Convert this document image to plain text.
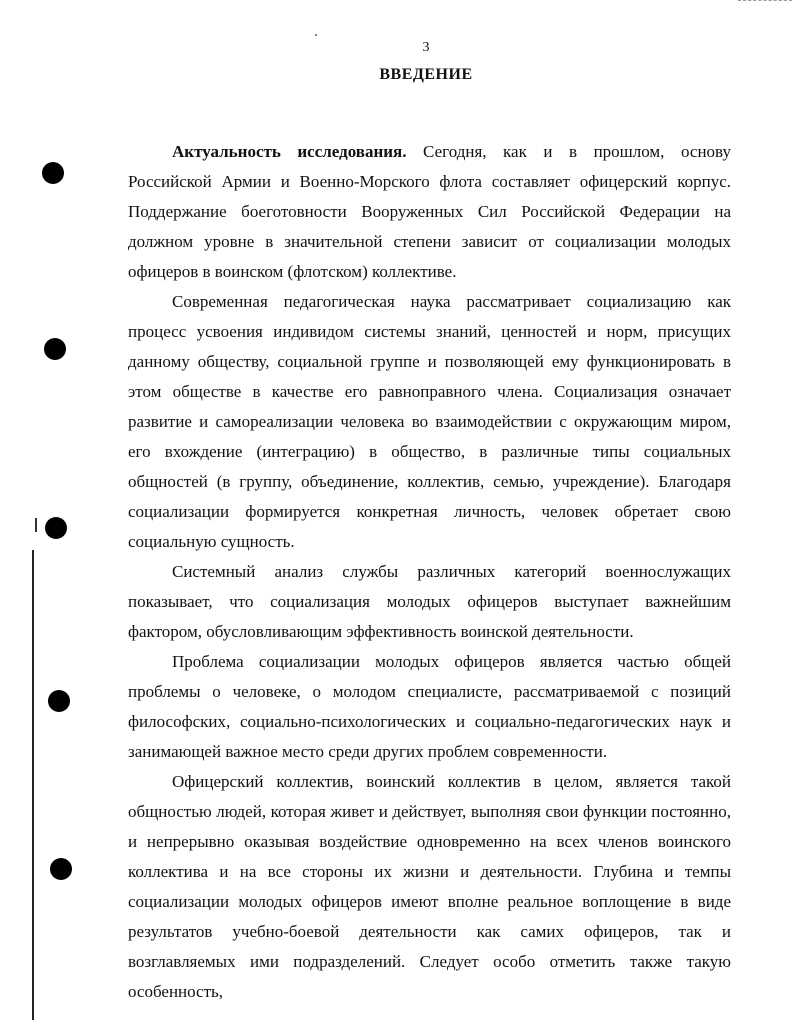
3
ВВЕДЕНИЕ

Актуальность исследования. Сегодня, как и в прошлом, основу Российской Армии и Военно-Морского флота составляет офицерский корпус. Поддержание боеготовности Вооруженных Сил Российской Федерации на должном уровне в значительной степени зависит от социализации молодых офицеров в воинском (флотском) коллективе.

Современная педагогическая наука рассматривает социализацию как процесс усвоения индивидом системы знаний, ценностей и норм, присущих данному обществу, социальной группе и позволяющей ему функционировать в этом обществе в качестве его равноправного члена. Социализация означает развитие и самореализации человека во взаимодействии с окружающим миром, его вхождение (интеграцию) в общество, в различные типы социальных общностей (в группу, объединение, коллектив, семью, учреждение). Благодаря социализации формируется конкретная личность, человек обретает свою социальную сущность.

Системный анализ службы различных категорий военнослужащих показывает, что социализация молодых офицеров выступает важнейшим фактором, обусловливающим эффективность воинской деятельности.

Проблема социализации молодых офицеров является частью общей проблемы о человеке, о молодом специалисте, рассматриваемой с позиций философских, социально-психологических и социально-педагогических наук и занимающей важное место среди других проблем современности.

Офицерский коллектив, воинский коллектив в целом, является такой общностью людей, которая живет и действует, выполняя свои функции постоянно, и непрерывно оказывая воздействие одновременно на всех членов воинского коллектива и на все стороны их жизни и деятельности. Глубина и темпы социализации молодых офицеров имеют вполне реальное воплощение в виде результатов учебно-боевой деятельности как самих офицеров, так и возглавляемых ими подразделений. Следует особо отметить также такую особенность,
